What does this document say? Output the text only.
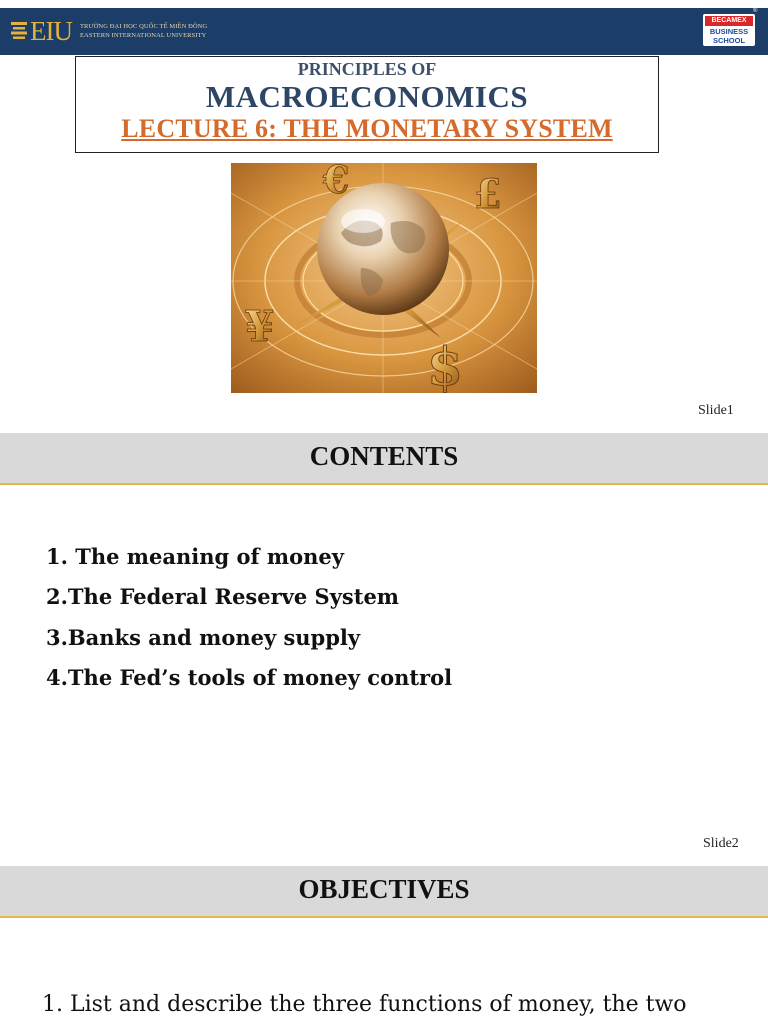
EIU TRƯỜNG ĐẠI HỌC QUỐC TẾ MIỀN ĐÔNG
EASTERN INTERNATIONAL UNIVERSITY
BECAMEX
BUSINESS
SCHOOL
®
PRINCIPLES OF
MACROECONOMICS
LECTURE 6: THE MONETARY SYSTEM
€	£
¥
$
Slide1
CONTENTS
1. The meaning of money
2.The Federal Reserve System
3.Banks and money supply
4.The Fed’s tools of money control
Slide2
OBJECTIVES
1. List and describe the three functions of money, the two
